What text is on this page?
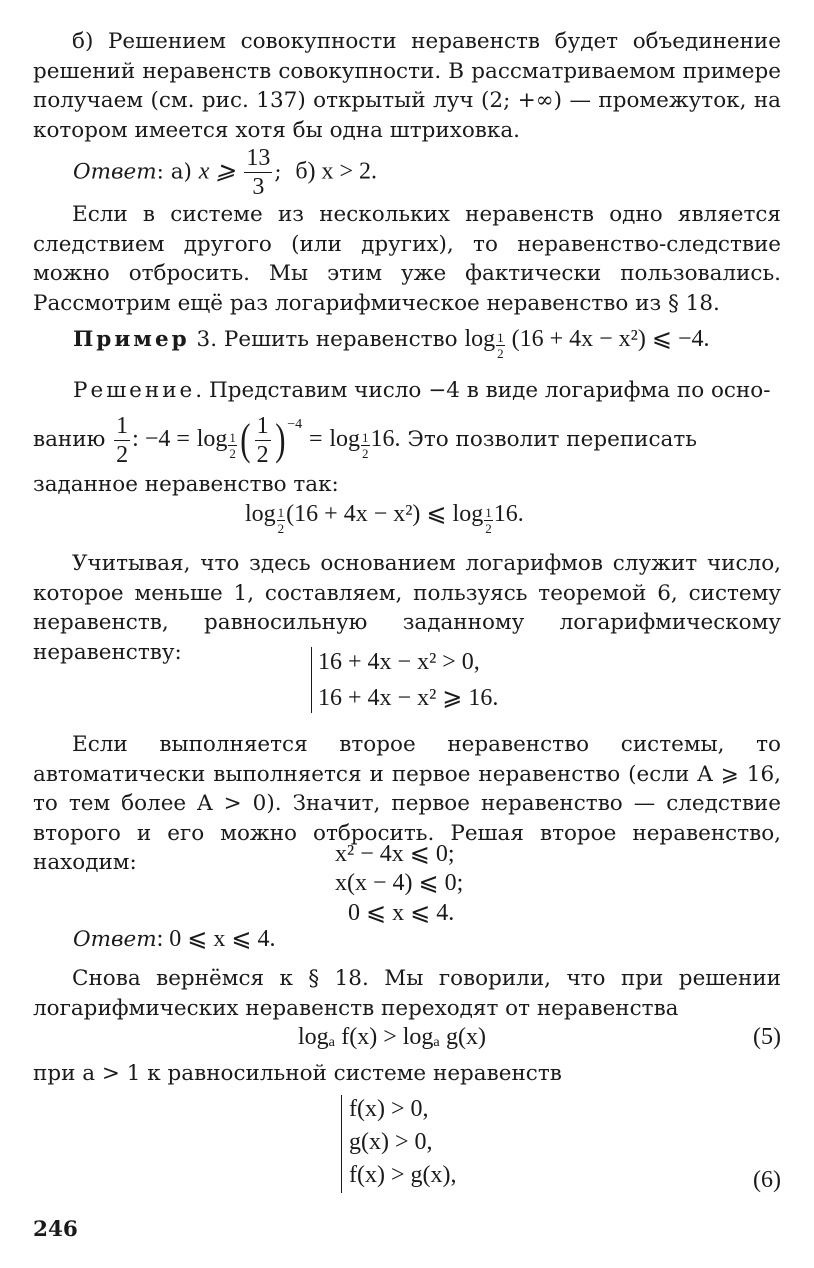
б) Решением совокупности неравенств будет объединение решений неравенств совокупности. В рассматриваемом примере получаем (см. рис. 137) открытый луч (2; +∞) — промежуток, на котором имеется хотя бы одна штриховка.

Ответ: а) x ⩾ $\frac{13}{3}$ ;  б) x > 2.

Если в системе из нескольких неравенств одно является следствием другого (или других), то неравенство-следствие можно отбросить. Мы этим уже фактически пользовались. Рассмотрим ещё раз логарифмическое неравенство из § 18.

Пример 3. Решить неравенство $\log \frac{1}{2} (16 + 4x - x^2)$ ⩽ −4.
Решение. Представим число −4 в виде логарифма по осно-
ванию $\frac{1}{2}$ : $-4 = \log \frac{1}{2}$ ( $\frac{1}{2}$ ) $^{-4} = \log \frac{1}{2} 16$. Это позволит переписать
заданное неравенство так:
$\log \frac{1}{2} (16 + 4x - x^2)$ ⩽ $\log \frac{1}{2} 16$.

Учитывая, что здесь основанием логарифмов служит число, которое меньше 1, составляем, пользуясь теоремой 6, систему неравенств, равносильную заданному логарифмическому неравенству:	16 + 4x − x² > 0,
16 + 4x − x² ⩾ 16.

Если выполняется второе неравенство системы, то автоматически выполняется и первое неравенство (если A ⩾ 16, то тем более A > 0). Значит, первое неравенство — следствие второго и его можно отбросить. Решая второе неравенство, находим:	x² − 4x ⩽ 0;
x(x − 4) ⩽ 0;
0 ⩽ x ⩽ 4.
Ответ: 0 ⩽ x ⩽ 4.

Снова вернёмся к § 18. Мы говорили, что при решении логарифмических неравенств переходят от неравенства

logₐ f(x) > logₐ g(x)	(5)
при a > 1 к равносильной системе неравенств
f(x) > 0,
g(x) > 0,
f(x) > g(x),	(6)
246
